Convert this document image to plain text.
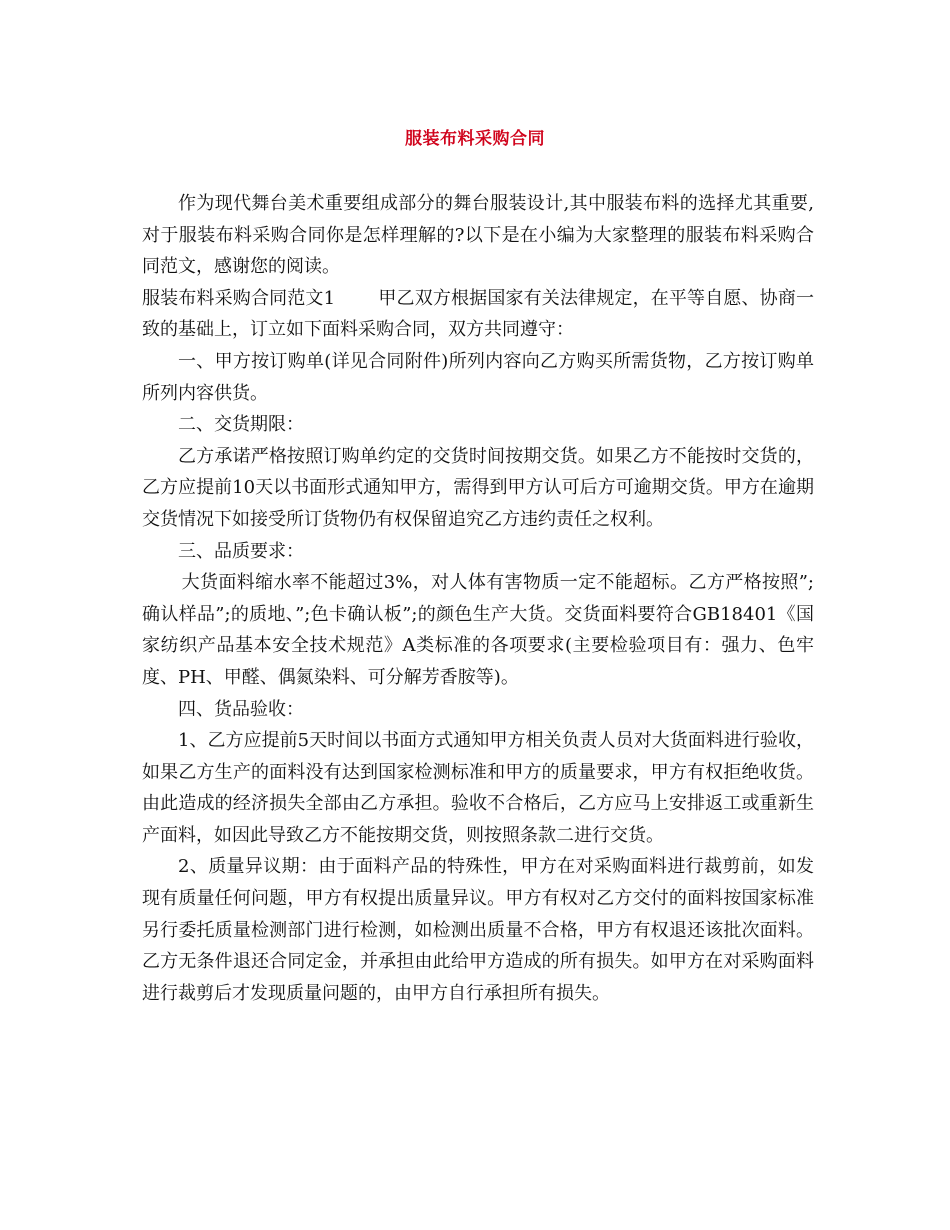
服装布料采购合同

作为现代舞台美术重要组成部分的舞台服装设计,其中服装布料的选择尤其重要,对于服装布料采购合同你是怎样理解的?以下是在小编为大家整理的服装布料采购合同范文，感谢您的阅读。

服装布料采购合同范文1 甲乙双方根据国家有关法律规定，在平等自愿、协商一致的基础上，订立如下面料采购合同，双方共同遵守：

一、甲方按订购单(详见合同附件)所列内容向乙方购买所需货物，乙方按订购单所列内容供货。

二、交货期限：

乙方承诺严格按照订购单约定的交货时间按期交货。如果乙方不能按时交货的，乙方应提前10天以书面形式通知甲方，需得到甲方认可后方可逾期交货。甲方在逾期交货情况下如接受所订货物仍有权保留追究乙方违约责任之权利。

三、品质要求：

大货面料缩水率不能超过3%，对人体有害物质一定不能超标。乙方严格按照”;确认样品”;的质地、”;色卡确认板”;的颜色生产大货。交货面料要符合GB18401《国家纺织产品基本安全技术规范》A类标准的各项要求(主要检验项目有：强力、色牢度、PH、甲醛、偶氮染料、可分解芳香胺等)。

四、货品验收：

1、乙方应提前5天时间以书面方式通知甲方相关负责人员对大货面料进行验收，如果乙方生产的面料没有达到国家检测标准和甲方的质量要求，甲方有权拒绝收货。由此造成的经济损失全部由乙方承担。验收不合格后，乙方应马上安排返工或重新生产面料，如因此导致乙方不能按期交货，则按照条款二进行交货。

2、质量异议期：由于面料产品的特殊性，甲方在对采购面料进行裁剪前，如发现有质量任何问题，甲方有权提出质量异议。甲方有权对乙方交付的面料按国家标准另行委托质量检测部门进行检测，如检测出质量不合格，甲方有权退还该批次面料。乙方无条件退还合同定金，并承担由此给甲方造成的所有损失。如甲方在对采购面料进行裁剪后才发现质量问题的，由甲方自行承担所有损失。
